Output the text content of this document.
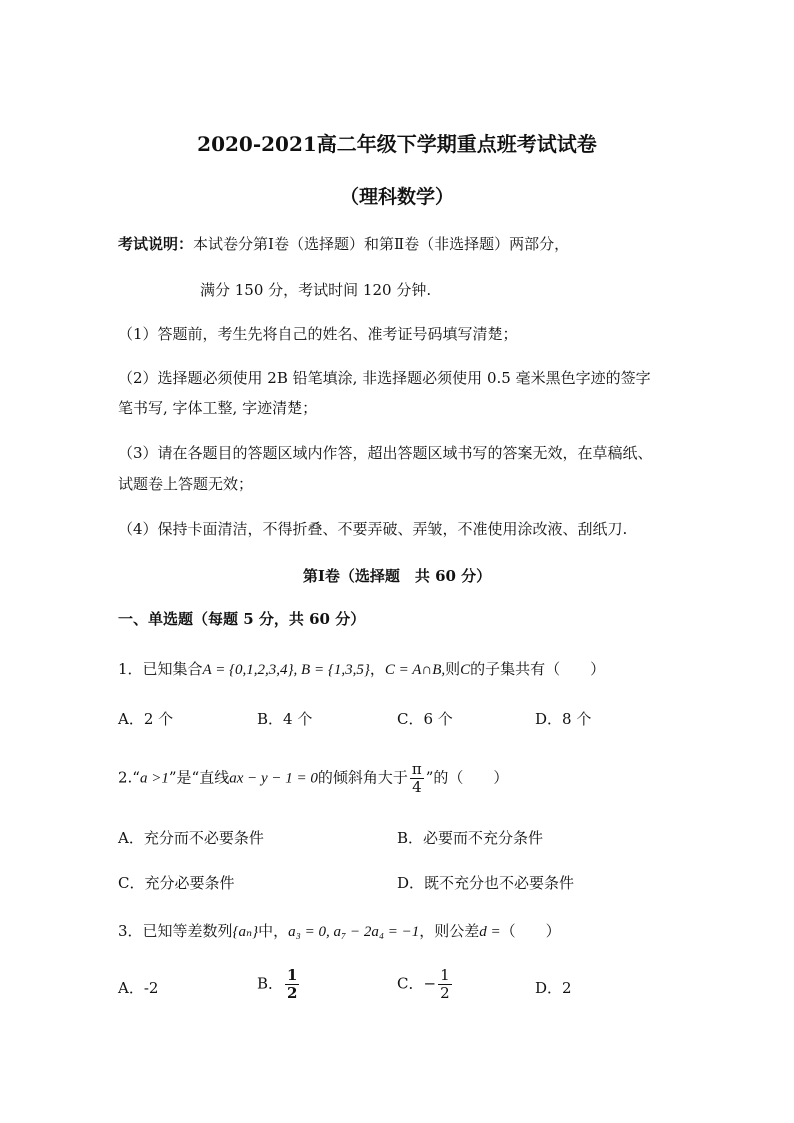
2020-2021高二年级下学期重点班考试试卷
（理科数学）
考试说明：本试卷分第Ⅰ卷（选择题）和第Ⅱ卷（非选择题）两部分，
满分 150 分，考试时间 120 分钟.
（1）答题前，考生先将自己的姓名、准考证号码填写清楚；
（2）选择题必须使用 2B 铅笔填涂, 非选择题必须使用 0.5 毫米黑色字迹的签字
笔书写, 字体工整, 字迹清楚；
（3）请在各题目的答题区域内作答，超出答题区域书写的答案无效，在草稿纸、
试题卷上答题无效；
（4）保持卡面清洁，不得折叠、不要弄破、弄皱，不准使用涂改液、刮纸刀.
第Ⅰ卷（选择题　共 60 分）
一、单选题（每题 5 分，共 60 分）
1．已知集合A = {0,1,2,3,4}, B = {1,3,5}，C = A∩B,则C的子集共有（　　）
A．2 个	B．4 个	C．6 个	D．8 个
2.“a >1”是“直线ax − y − 1 = 0的倾斜角大于 $\frac{\pi}{4}$ ”的（　　）
A．充分而不必要条件	B．必要而不充分条件
C．充分必要条件	D．既不充分也不必要条件
3．已知等差数列{aₙ}中，a₃ = 0, a₇ − 2a₄ = −1，则公差d =（　　）
A．-2	B． $\frac{1}{2}$	C．− $\frac{1}{2}$	D．2
